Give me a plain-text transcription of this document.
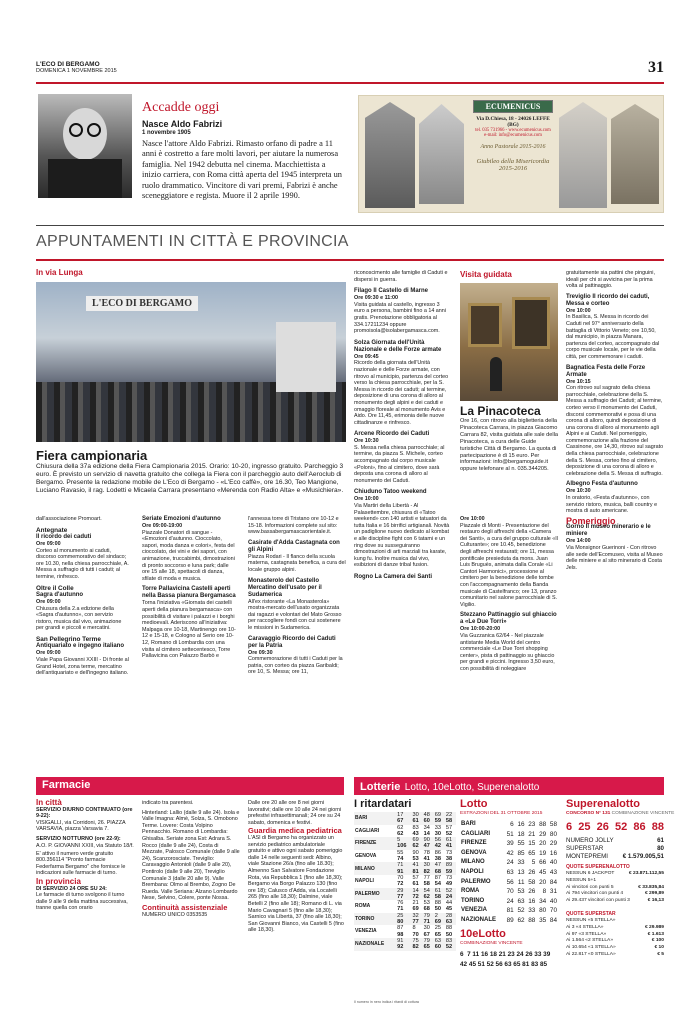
L'ECO DI BERGAMO
DOMENICA 1 NOVEMBRE 2015	31
Accadde oggi
Nasce Aldo Fabrizi
1 novembre 1905
Nasce l'attore Aldo Fabrizi. Rimasto orfano di padre a 11 anni è costretto a fare molti lavori, per aiutare la numerosa famiglia. Nel 1942 debutta nel cinema. Macchiettista a inizio carriera, con Roma città aperta del 1945 interpreta un ruolo drammatico. Vincitore di vari premi, Fabrizi è anche sceneggiatore e regista. Muore il 2 aprile 1990.
ECUMENICUS
Via D.Chiesa, 18 - 24026 LEFFE (BG)
tel. 035 731966 - www.ecumenicus.com
e-mail: info@ecumenicus.com
Anno Pastorale 2015-2016
Giubileo della Misericordia
2015-2016
APPUNTAMENTI IN CITTÀ E PROVINCIA
In via Lunga
L'ECO DI BERGAMO
Fiera campionaria
Chiusura della 37a edizione della Fiera Campionaria 2015. Orario: 10-20, ingresso gratuito. Parcheggio 3 euro. È previsto un servizio di navetta gratuito che collega la Fiera con il parcheggio auto dell'Aeroclub di Bergamo. Presente la redazione mobile de L'Eco di Bergamo - «L'Eco caffè», ore 16.30, Teo Mangione, Luciano Ravasio, il rag. Lodetti e Micaela Carrara presentano «Merenda con Radio Alta» e «Musichiera».

dall'associazione Promoart.

Antegnate
Il ricordo dei caduti
Ore 09:00

Corteo al monumento ai caduti, discorso commemorativo del sindaco; ore 10.30, nella chiesa parrocchiale, A. Messa a suffragio di tutti i caduti; al termine, rinfresco.

Oltre il Colle
Sagra d'autunno
Ore 09:00

Chiusura della 2.a edizione della «Sagra d'autunno», con servizio ristoro, musica dal vivo, animazione per grandi e piccoli e mercatini.

San Pellegrino Terme
Antiquariato e ingegno italiano
Ore 09:00

Viale Papa Giovanni XXIII - Di fronte al Grand Hotel, zona terme, mercatino dell'antiquariato e dell'ingegno italiano.

Seriate Emozioni d'autunno
Ore 09:00-19:00

Piazzale Donatori di sangue - «Emozioni d'autunno. Cioccolato, sapori, moda danza e colori», festa del cioccolato, dei vini e dei sapori, con animazione, truccabimbi, dimostrazioni di pronto soccorso e luna park; dalle ore 15 alle 18, spettacoli di danza, sfilate di moda e musica.

Torre Pallavicina Castelli aperti nella Bassa pianura Bergamasca

Torna l'iniziativa «Giornata dei castelli aperti della pianura bergamasca» con possibilità di visitare i palazzi e i borghi medioevali. Aderiscono all'iniziativa: Malpaga ore 10-18, Martinengo ore 10-12 e 15-18, e Cologno al Serio ore 10-12, Romano di Lombardia con una visita al cimitero settecentesco, Torre Pallavicina con Palazzo Barbò e

l'annessa torre di Tristano ore 10-12 e 15-18. Informazioni complete sul sito: www.bassabergamascaorientale.it.

Casirate d'Adda Castagnata con gli Alpini

Piazza Rodari - Il flanco della scuola materna, castagnata benefica, a cura del locale gruppo alpini.

Monasterolo del Castello Mercatino dell'usato per il Sudamerica

All'ex ristorante «La Monasterola» mostra-mercato dell'usato organizzata dai ragazzi e volontari del Mato Grosso per raccogliere fondi con cui sostenere le missioni in Sudamerica.

Caravaggio Ricordo dei Caduti per la Patria
Ore 09:30

Commemorazione di tutti i Caduti per la patria, con corteo da piazza Garibaldi; ore 10, S. Messa; ore 11,

riconoscimento alle famiglie di Caduti e dispersi in guerra.

Filago Il Castello di Marne
Ore 09:30 e 11:00

Visita guidata al castello, ingresso 3 euro a persona, bambini fino a 14 anni gratis. Prenotazione obbligatoria al 334.17211234 oppure promoisola@isolabergamasca.com.

Solza Giornata dell'Unità Nazionale e delle Forze armate
Ore 09:45

Ricordo della giornata dell'Unità nazionale e delle Forze armate, con ritrovo al municipio, partenza del corteo verso la chiesa parrocchiale, per la S. Messa in ricordo dei caduti; al termine, deposizione di una corona di alloro al monumento degli alpini e dei caduti e omaggio floreale al monumento Avis e Aido. Ore 11,45, erimonia delle nuove cittadinanze e rinfresco.

Arcene Ricordo dei Caduti
Ore 10:30

S. Messa nella chiesa parrocchiale; al termine, da piazza S. Michele, corteo accompagnato dal corpo musicale «Poloni», fino al cimitero, dove sarà deposta una corona di alloro al monumento dei Caduti.

Chiuduno Tatoo weekend
Ore 10:00

Via Martiri della Libertà - Al Palasettembre, chiusura di «Tatoo weekend» con 140 artisti e tatuatori da tutta Italia e 16 birrifici artigianali. Novità un padiglione nuovo dedicato al kombat e alle discipline fight con 6 tatami e un ring dove su susseguiranno dimostrazioni di arti marziali tra karate, kung fu. Inoltre musica dal vivo, esibizioni di danze tribal fusion.

Rogno La Camera dei Santi
Visita guidata
La Pinacoteca
Ore 16, con ritrovo alla biglietteria della Pinacoteca Carrara, in piazza Giacomo Carrara 82, visita guidata alle sale della Pinacoteca, a cura delle Guide turistiche Città di Bergamo. La quota di partecipazione è di 15 euro. Per informazioni: info@bergamoguide.it oppure telefonare al n. 035.344205.
Ore 10:00

Piazzale di Monti - Presentazione del restauro degli affreschi della «Camera dei Santi», a cura del gruppo culturale «Il Culturante»; ore 10.45, benedizione degli affreschi restaurati; ore 11, messa pontificale presieduta da mons. Juan Luis Bruguès, animata dalla Corale «Li Cantori Harmonici», processione al cimitero per la benedizione delle tombe con l'accompagnamento della Banda musicale di Castelfranco; ore 13, pranzo comunitario nel salone parrocchiale di S. Vigilio.

Stezzano Pattinaggio sul ghiaccio a «Le Due Torri»
Ore 10:00-20:00

Via Guzzanica 62/64 - Nel piazzale antistante Media World del centro commerciale «Le Due Torri shopping center», pista di pattinaggio su ghiaccio per grandi e piccini. Ingresso 3,50 euro, con possibilità di noleggiare

gratuitamente sia pattini che pinguini, ideali per chi si avvicina per la prima volta al pattinaggio.

Treviglio Il ricordo dei caduti, Messa e corteo
Ore 10:00

In Basilica, S. Messa in ricordo dei Caduti nel 97° anniversario della battaglia di Vittorio Veneto; ore 10,50, dal municipio, in piazza Manara, partenza del corteo, accompagnato dal corpo musicale locale, per le vie della città, per commemorare i caduti.

Bagnatica Festa delle Forze Armate
Ore 10:15

Con ritrovo sul sagrato della chiesa parrocchiale, celebrazione della S. Messa a suffragio dei Caduti; al termine, corteo verso il monumento dei Caduti, discorsi commemorativi e posa di una corona di alloro, quindi deposizione di una corona di alloro al monumento agli Alpini e ai Caduti. Nel pomeriggio, commemorazione alla frazione del Cassinone, ore 14,30, ritrovo sul sagrato della chiesa parrocchiale, celebrazione della S. Messa, corteo fino al cimitero, deposizione di una corona di alloro e celebrazione della S. Messa di suffragio.

Albegno Festa d'autunno
Ore 10:30

In oratorio, «Festa d'autunno», con servizio ristoro, musica, balli country e mostra di auto americane.

Pomeriggio
Gorno Il museo minerario e le miniere
Ore 14:00

Via Monsignor Guerinoni - Con ritrovo alle sede dell'Ecomuseo, visita al Museo delle miniere e al sito minerario di Costa Jels.

Farmacie
In città
SERVIZIO DIURNO CONTINUATO (ore 9-22):

VISIGALLI, via Corridoni, 26. PIAZZA VARSAVIA, piazza Varsavia 7.

SERVIZIO NOTTURNO (ore 22-9):

A.O. P. GIOVANNI XXIII, via Statuto 18/f.

E' attivo il numero verde gratuito 800.356114 "Pronto farmacie Federfarma Bergamo" che fornisce le indicazioni sulle farmacie di turno.

In provincia
DI SERVIZIO 24 ORE SU 24:

Le farmacie di turno svolgono il turno dalle 9 alle 9 della mattina successiva, tranne quella con orario

indicato tra parentesi.

Hinterland: Lallio (dalle 9 alle 24). Isola e Valle Imagna: Almè, Solza, S. Omobono Terme. Lovere: Costa Volpino Pennacchio. Romano di Lombardia: Ghisalba. Seriate zona Est: Adrara S. Rocco (dalle 9 alle 24), Costa di Mezzate, Palosco Comunale (dalle 9 alle 24), Scanzorosciate. Treviglio: Caravaggio Antonioli (dalle 9 alle 20), Pontirolo (dalle 9 alle 20), Treviglio Comunale 3 (dalle 20 alle 9). Valle Brembana: Olmo al Brembo, Zogno De Rueda. Valle Seriana: Alzano Lombardo Nese, Selvino, Colere, ponte Nossa.

Continuità assistenziale
NUMERO UNICO 0353535

Dalle ore 20 alle ore 8 nei giorni lavorativi; dalle ore 10 alle 24 nei giorni prefestivi infrasettimanali; 24 ore su 24 sabato, domenica e festivi.

Guardia medica pediatrica

L'ASl di Bergamo ha organizzato un servizio pediatrico ambulatoriale gratuito e attivo ogni sabato pomeriggio dalle 14 nelle seguenti sedi: Albino, viale Stazione 26/a (fino alle 18.30); Almenno San Salvatore Fondazione Rota, via Repubblica 1 (fino alle 18,30); Bergamo via Borgo Palazzo 130 (fino ore 18); Calusco d'Adda, via Locatelli 265 (fino alle 18,30); Dalmine, viale Betelli 2 (fino alle 18); Romano di L. via Mario Cavagnari 5 (fino alle 18,30); Sarnico via Libertà, 37 (fino alle 18,30); San Giovanni Bianco, via Castelli 5 (fino alle 18,30).

Lotterie Lotto, 10eLotto, Superenalotto
I ritardatari
BARI	17	30	48	69	22
	67	61	60	59	58
CAGLIARI	62	83	34	33	57
	62	43	14	30	52
FIRENZE	5	69	90	56	61
	106	62	47	42	41
GENOVA	55	90	78	86	73
	74	53	41	38	38
MILANO	71	41	30	47	89
	91	81	82	68	59
NAPOLI	70	57	77	87	73
	72	61	58	54	49
PALERMO	29	14	54	61	52
	77	72	62	58	24
ROMA	76	21	53	88	44
	71	69	68	50	45
TORINO	25	32	79	2	28
	80	77	71	69	63
VENEZIA	87	8	30	25	88
	98	70	67	65	50
NAZIONALE	91	75	79	63	83
	92	82	65	60	52
Il numero in nero indica i ritardi di cottura
Lotto
ESTRAZIONI DEL 31 OTTOBRE 2015
BARI	6	16	23	88	58
CAGLIARI	51	18	21	29	80
FIRENZE	39	55	15	20	29
GENOVA	42	85	65	19	16
MILANO	24	33	5	66	40
NAPOLI	63	13	26	45	43
PALERMO	56	11	58	20	84
ROMA	70	53	26	8	31
TORINO	24	63	16	34	40
VENEZIA	81	52	33	80	70
NAZIONALE	89	62	88	35	84
10eLotto
COMBINAZIONE VINCENTE
6  7 11 16 18 21 23 24 26 33 39
42 45 51 52 56 63 65 81 83 85
Superenalotto
CONCORSO N° 131 COMBINAZIONE VINCENTE
6 25 26 52 86 88
NUMERO JOLLY	61
SUPERSTAR	80
MONTEPREMI € 1.579.005,51
QUOTE SUPERENALOTTO
NESSUN 6 JACKPOT	€ 23.871.112,55
NESSUN 5+1
Ai vincitori con punti 5	€ 33.835,84
Ai 794 vincitori con punti 4	€ 299,89
Ai 29.437 vincitori con punti 3	€ 16,13
QUOTE SUPERSTAR
NESSUN «5 STELLA»
Ai 3 «4 STELLA»	€ 29.989
Ai 97 «3 STELLA»	€ 1.613
Ai 1.564 «2 STELLA»	€ 100
Ai 10.654 «1 STELLA»	€ 10
Ai 22.817 «0 STELLA»	€ 5
